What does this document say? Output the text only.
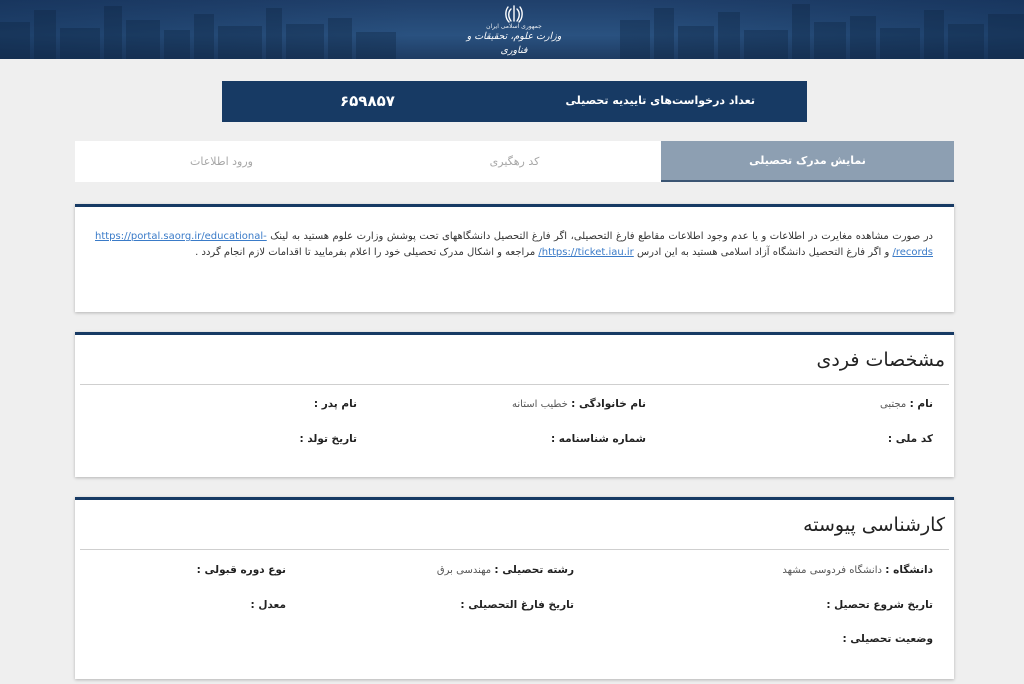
جمهوری اسلامی ایران
وزارت علوم، تحقیقات و فناوری
تعداد درخواست‌های تاییدیه تحصیلی
۶۵۹۸۵۷
نمایش مدرک تحصیلی
کد رهگیری
ورود اطلاعات

در صورت مشاهده مغایرت در اطلاعات و یا عدم وجود اطلاعات مقاطع فارغ التحصیلی، اگر فارغ التحصیل دانشگاههای تحت پوشش وزارت علوم هستید به لینک https://portal.saorg.ir/educational-records/ و اگر فارغ التحصیل دانشگاه آزاد اسلامی هستید به این ادرس https://ticket.iau.ir/ مراجعه و اشکال مدرک تحصیلی خود را اعلام بفرمایید تا اقدامات لازم انجام گردد .

مشخصات فردی
نام : مجتبی
نام خانوادگی : خطیب استانه
نام پدر :
کد ملی :
شماره شناسنامه :
تاریخ تولد :
کارشناسی پیوسته
دانشگاه : دانشگاه فردوسی مشهد
رشته تحصیلی : مهندسی برق
نوع دوره قبولی :
تاریخ شروع تحصیل :
تاریخ فارغ التحصیلی :
معدل :
وضعیت تحصیلی :
